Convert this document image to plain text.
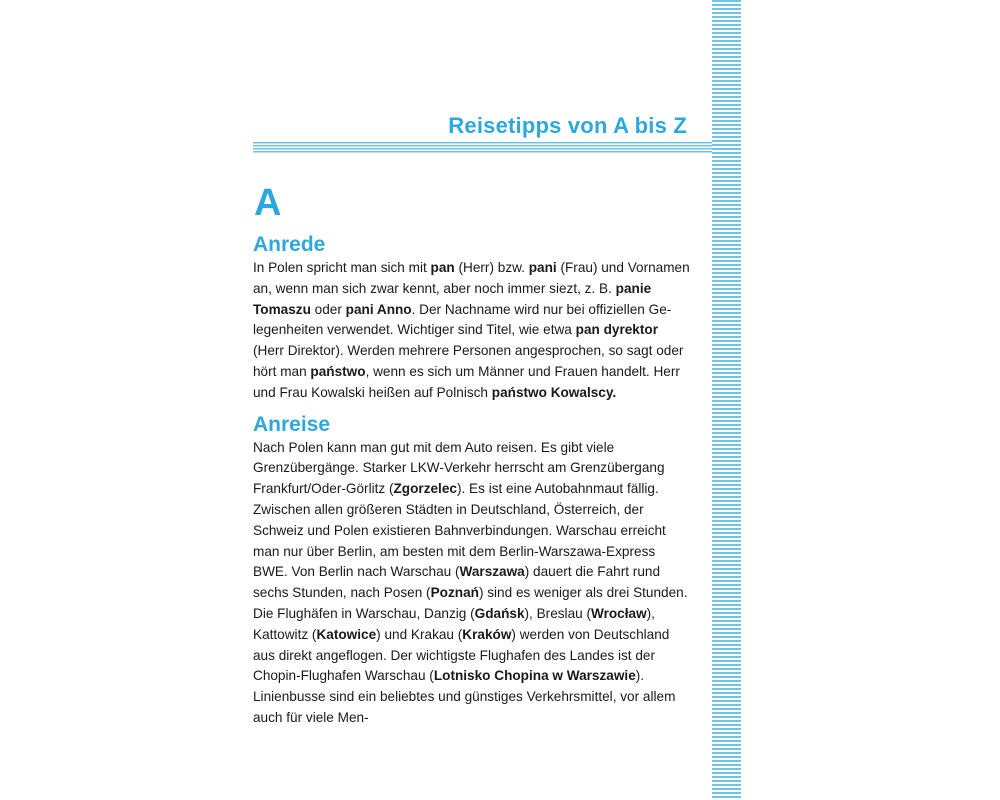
Reisetipps von A bis Z
A
Anrede

In Polen spricht man sich mit pan (Herr) bzw. pani (Frau) und Vornamen an, wenn man sich zwar kennt, aber noch immer siezt, z. B. panie Tomaszu oder pani Anno. Der Nachname wird nur bei offiziellen Gelegenheiten verwendet. Wichtiger sind Titel, wie etwa pan dyrektor (Herr Direktor). Werden mehrere Personen angesprochen, so sagt oder hört man państwo, wenn es sich um Männer und Frauen handelt. Herr und Frau Kowalski heißen auf Polnisch państwo Kowalscy.

Anreise

Nach Polen kann man gut mit dem Auto reisen. Es gibt viele Grenzübergänge. Starker LKW-Verkehr herrscht am Grenzübergang Frankfurt/Oder-Görlitz (Zgorzelec). Es ist eine Autobahnmaut fällig. Zwischen allen größeren Städten in Deutschland, Österreich, der Schweiz und Polen existieren Bahnverbindungen. Warschau erreicht man nur über Berlin, am besten mit dem Berlin-Warszawa-Express BWE. Von Berlin nach Warschau (Warszawa) dauert die Fahrt rund sechs Stunden, nach Posen (Poznań) sind es weniger als drei Stunden. Die Flughäfen in Warschau, Danzig (Gdańsk), Breslau (Wrocław), Kattowitz (Katowice) und Krakau (Kraków) werden von Deutschland aus direkt angeflogen. Der wichtigste Flughafen des Landes ist der Chopin-Flughafen Warschau (Lotnisko Chopina w Warszawie). Linienbusse sind ein beliebtes und günstiges Verkehrsmittel, vor allem auch für viele Men-
